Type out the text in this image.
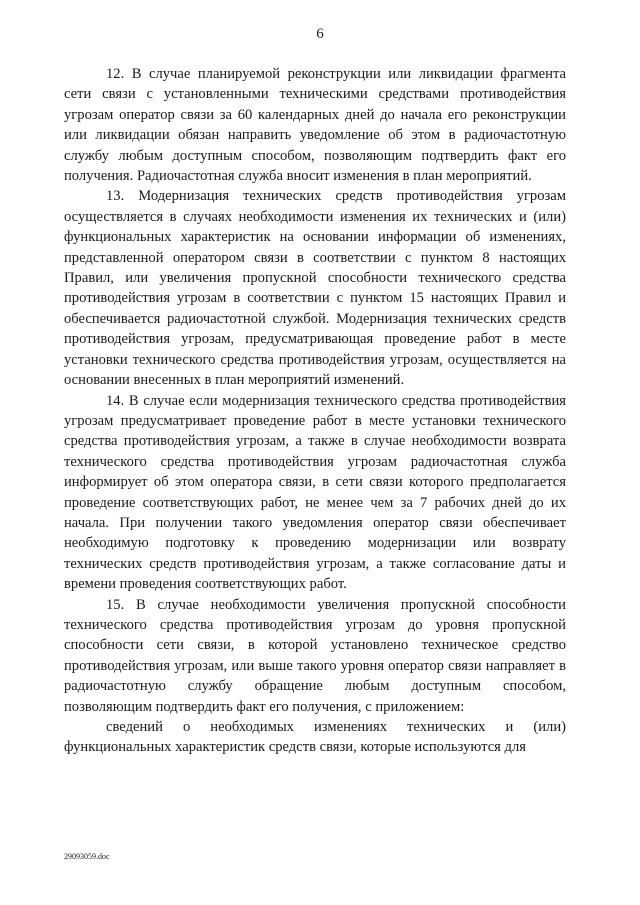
6

12. В случае планируемой реконструкции или ликвидации фрагмента сети связи с установленными техническими средствами противодействия угрозам оператор связи за 60 календарных дней до начала его реконструкции или ликвидации обязан направить уведомление об этом в радиочастотную службу любым доступным способом, позволяющим подтвердить факт его получения. Радиочастотная служба вносит изменения в план мероприятий.

13. Модернизация технических средств противодействия угрозам осуществляется в случаях необходимости изменения их технических и (или) функциональных характеристик на основании информации об изменениях, представленной оператором связи в соответствии с пунктом 8 настоящих Правил, или увеличения пропускной способности технического средства противодействия угрозам в соответствии с пунктом 15 настоящих Правил и обеспечивается радиочастотной службой. Модернизация технических средств противодействия угрозам, предусматривающая проведение работ в месте установки технического средства противодействия угрозам, осуществляется на основании внесенных в план мероприятий изменений.

14. В случае если модернизация технического средства противодействия угрозам предусматривает проведение работ в месте установки технического средства противодействия угрозам, а также в случае необходимости возврата технического средства противодействия угрозам радиочастотная служба информирует об этом оператора связи, в сети связи которого предполагается проведение соответствующих работ, не менее чем за 7 рабочих дней до их начала. При получении такого уведомления оператор связи обеспечивает необходимую подготовку к проведению модернизации или возврату технических средств противодействия угрозам, а также согласование даты и времени проведения соответствующих работ.

15. В случае необходимости увеличения пропускной способности технического средства противодействия угрозам до уровня пропускной способности сети связи, в которой установлено техническое средство противодействия угрозам, или выше такого уровня оператор связи направляет в радиочастотную службу обращение любым доступным способом, позволяющим подтвердить факт его получения, с приложением:

сведений о необходимых изменениях технических и (или) функциональных характеристик средств связи, которые используются для

29093059.doc
